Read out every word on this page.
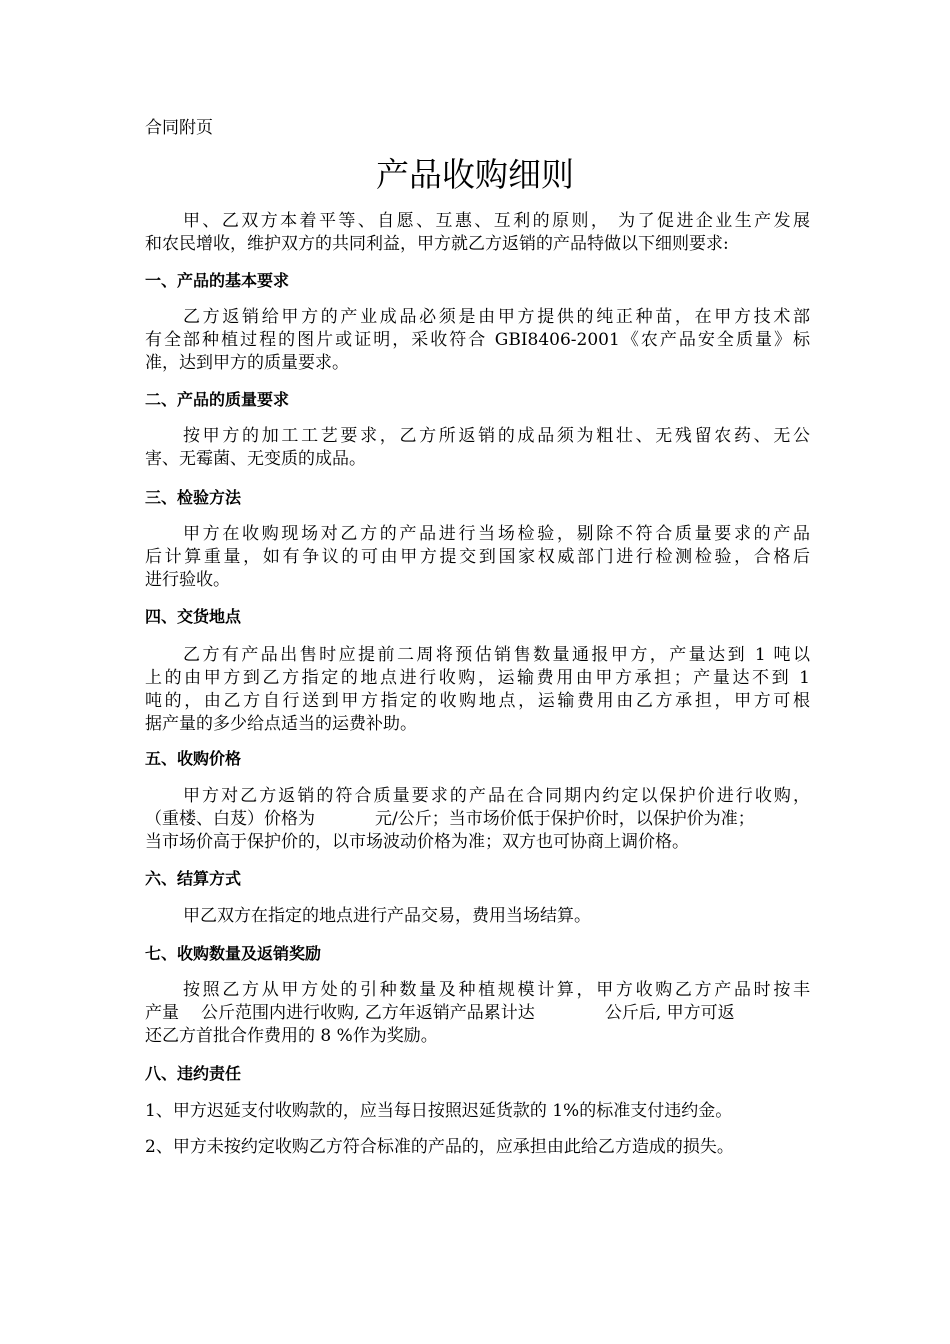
合同附页
产品收购细则
甲、乙双方本着平等、自愿、互惠、互利的原则， 为了促进企业生产发展
和农民增收，维护双方的共同利益，甲方就乙方返销的产品特做以下细则要求:
一、产品的基本要求
乙方返销给甲方的产业成品必须是由甲方提供的纯正种苗，在甲方技术部
有全部种植过程的图片或证明，采收符合 GBI8406-2001《农产品安全质量》标
准，达到甲方的质量要求。
二、产品的质量要求
按甲方的加工工艺要求，乙方所返销的成品须为粗壮、无残留农药、无公
害、无霉菌、无变质的成品。
三、检验方法
甲方在收购现场对乙方的产品进行当场检验，剔除不符合质量要求的产品
后计算重量，如有争议的可由甲方提交到国家权威部门进行检测检验，合格后
进行验收。
四、交货地点
乙方有产品出售时应提前二周将预估销售数量通报甲方，产量达到 1 吨以
上的由甲方到乙方指定的地点进行收购，运输费用由甲方承担；产量达不到 1
吨的，由乙方自行送到甲方指定的收购地点，运输费用由乙方承担，甲方可根
据产量的多少给点适当的运费补助。
五、收购价格
甲方对乙方返销的符合质量要求的产品在合同期内约定以保护价进行收购，
（重楼、白芨）价格为	元/公斤；当市场价低于保护价时，以保护价为准；
当市场价高于保护价的，以市场波动价格为准；双方也可协商上调价格。
六、结算方式
甲乙双方在指定的地点进行产品交易，费用当场结算。
七、收购数量及返销奖励
按照乙方从甲方处的引种数量及种植规模计算，甲方收购乙方产品时按丰
产量 公斤范围内进行收购, 乙方年返销产品累计达	公斤后, 甲方可返
还乙方首批合作费用的 8 %作为奖励。
八、违约责任
1、甲方迟延支付收购款的，应当每日按照迟延货款的 1%的标准支付违约金。
2、甲方未按约定收购乙方符合标准的产品的，应承担由此给乙方造成的损失。
